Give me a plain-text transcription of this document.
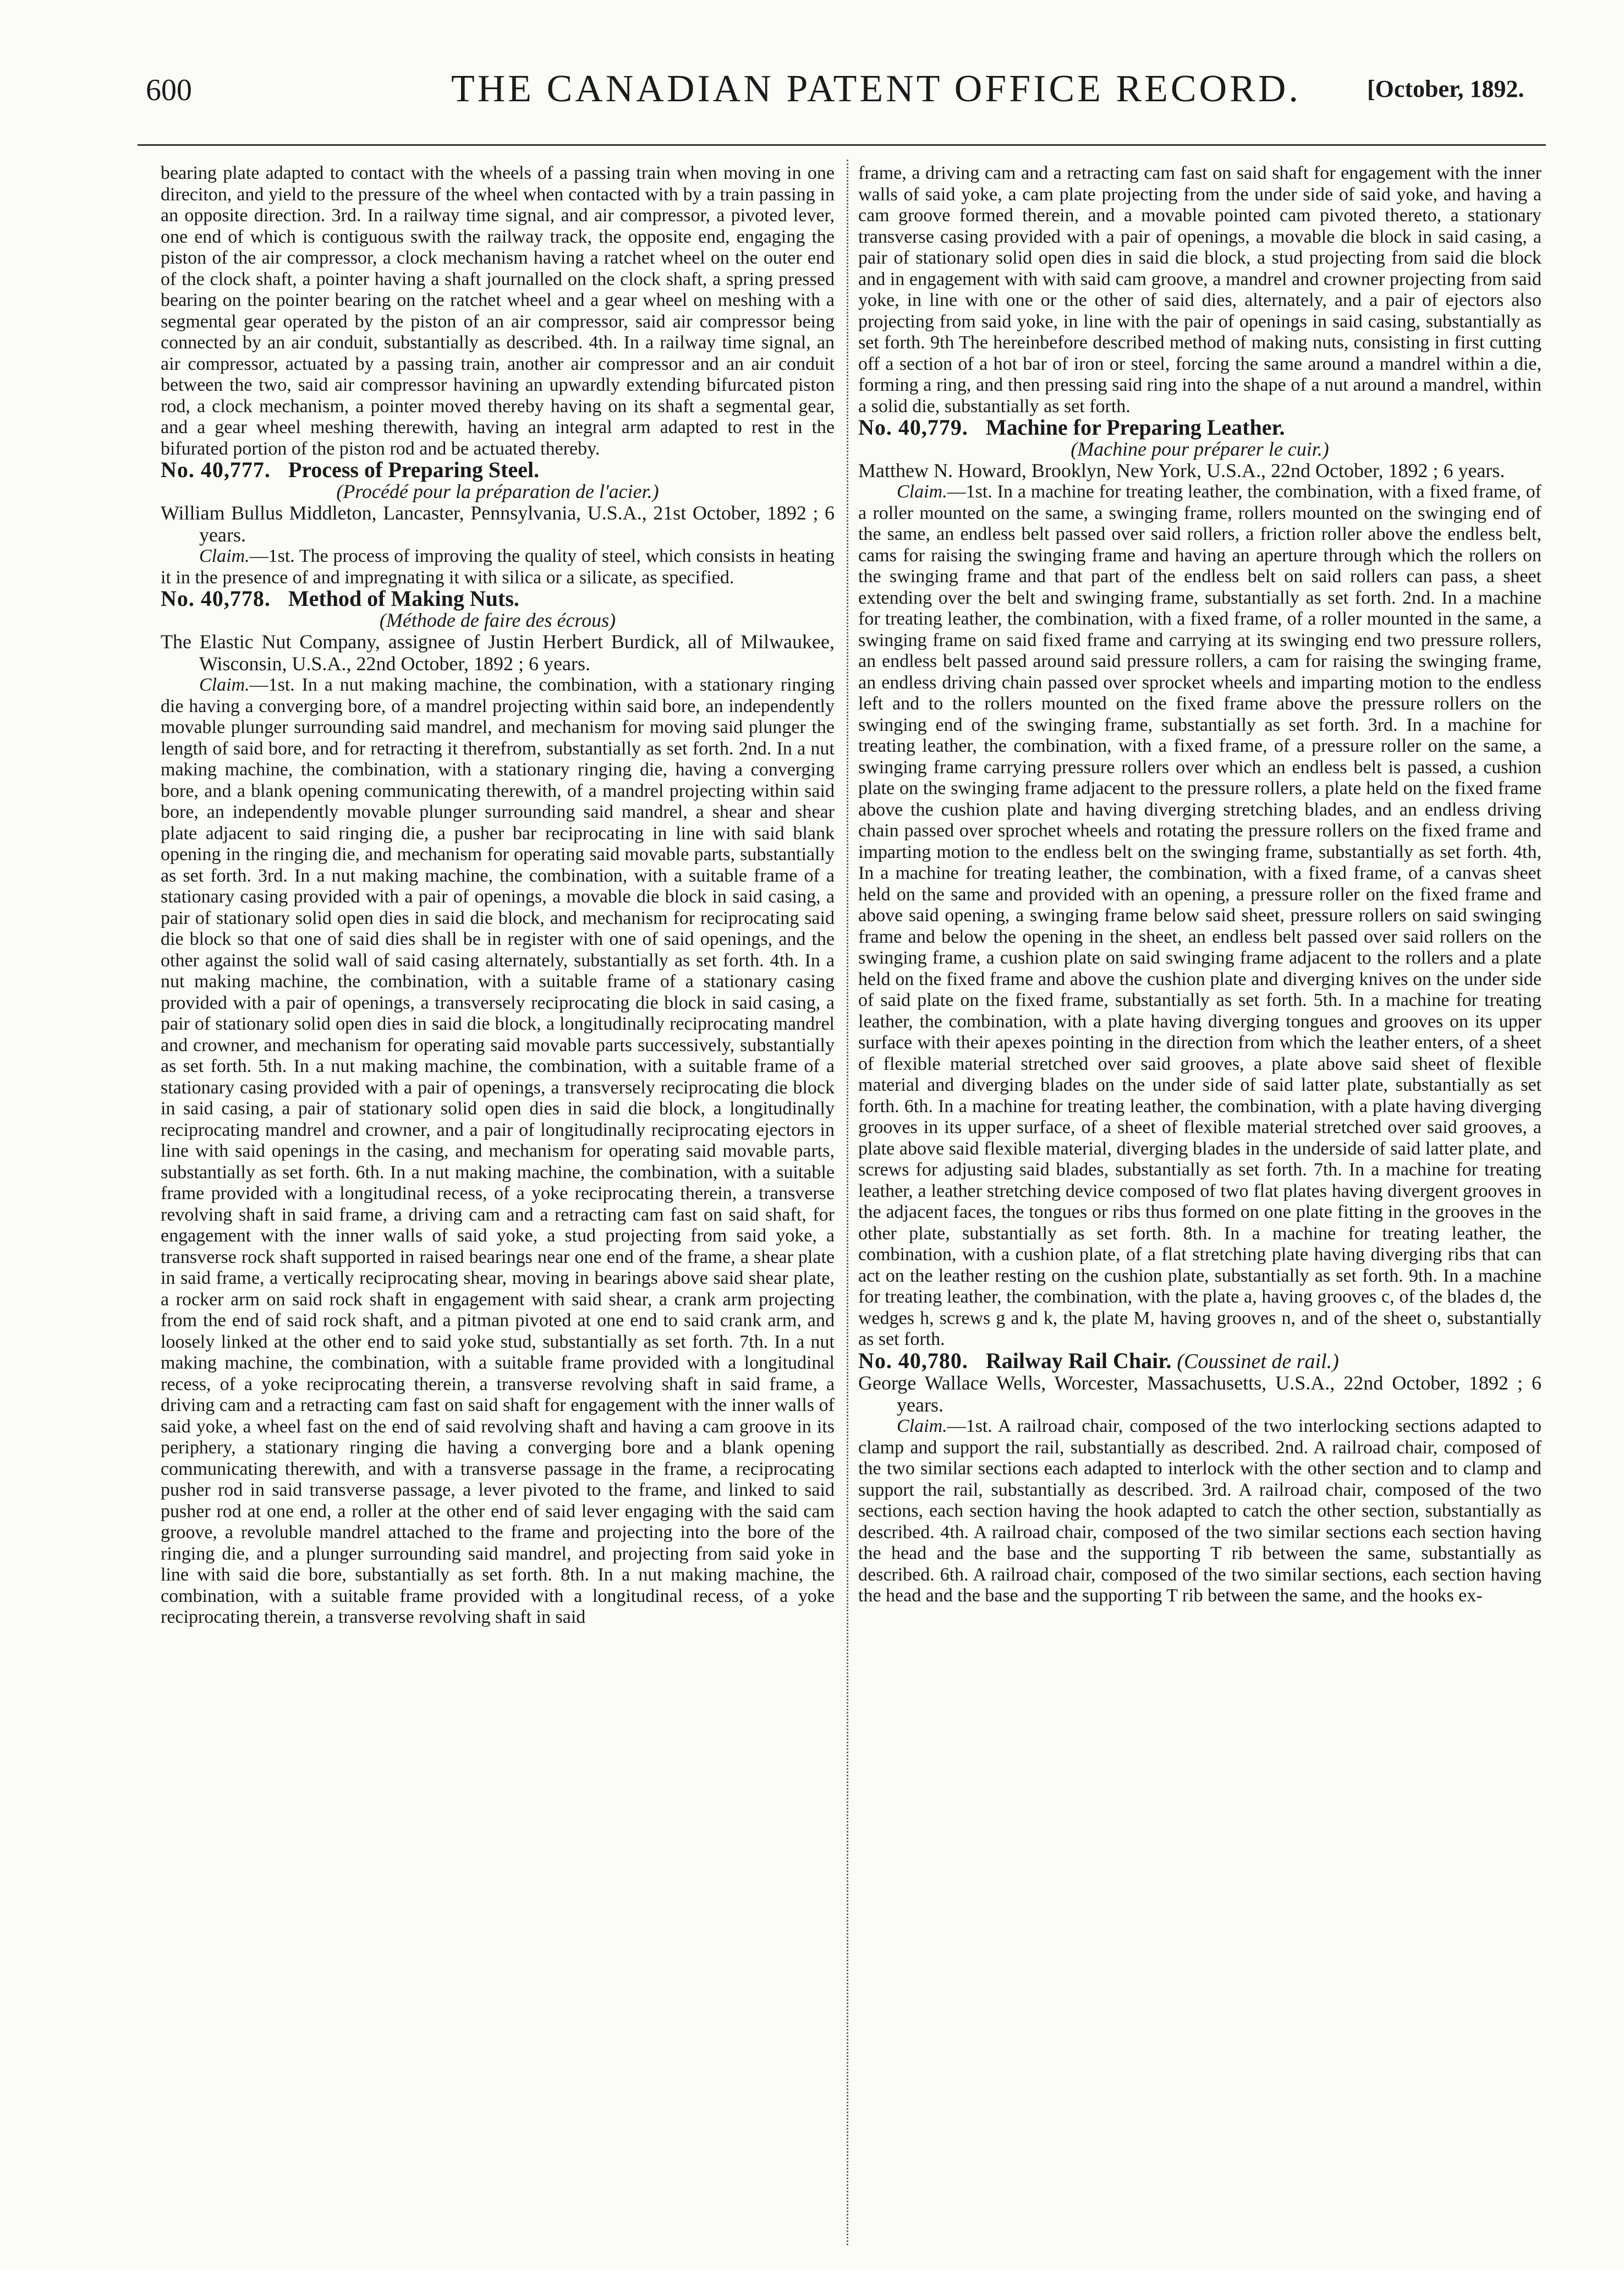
600	THE CANADIAN PATENT OFFICE RECORD.	[October, 1892.

bearing plate adapted to contact with the wheels of a passing train when moving in one direciton, and yield to the pressure of the wheel when contacted with by a train passing in an opposite direction. 3rd. In a railway time signal, and air compressor, a pivoted lever, one end of which is contiguous swith the railway track, the opposite end, engaging the piston of the air compressor, a clock mechanism having a ratchet wheel on the outer end of the clock shaft, a pointer having a shaft journalled on the clock shaft, a spring pressed bearing on the pointer bearing on the ratchet wheel and a gear wheel on meshing with a segmental gear operated by the piston of an air compressor, said air compressor being connected by an air conduit, substantially as described. 4th. In a railway time signal, an air compressor, actuated by a passing train, another air compressor and an air conduit between the two, said air compressor havining an upwardly extending bifurcated piston rod, a clock mechanism, a pointer moved thereby having on its shaft a segmental gear, and a gear wheel meshing therewith, having an integral arm adapted to rest in the bifurated portion of the piston rod and be actuated thereby.

No. 40,777. Process of Preparing Steel.

(Procédé pour la préparation de l'acier.)

William Bullus Middleton, Lancaster, Pennsylvania, U.S.A., 21st October, 1892 ; 6 years.

Claim.—1st. The process of improving the quality of steel, which consists in heating it in the presence of and impregnating it with silica or a silicate, as specified.

No. 40,778. Method of Making Nuts.

(Méthode de faire des écrous)

The Elastic Nut Company, assignee of Justin Herbert Burdick, all of Milwaukee, Wisconsin, U.S.A., 22nd October, 1892 ; 6 years.

Claim.—1st. In a nut making machine, the combination, with a stationary ringing die having a converging bore, of a mandrel projecting within said bore, an independently movable plunger surrounding said mandrel, and mechanism for moving said plunger the length of said bore, and for retracting it therefrom, substantially as set forth. 2nd. In a nut making machine, the combination, with a stationary ringing die, having a converging bore, and a blank opening communicating therewith, of a mandrel projecting within said bore, an independently movable plunger surrounding said mandrel, a shear and shear plate adjacent to said ringing die, a pusher bar reciprocating in line with said blank opening in the ringing die, and mechanism for operating said movable parts, substantially as set forth. 3rd. In a nut making machine, the combination, with a suitable frame of a stationary casing provided with a pair of openings, a movable die block in said casing, a pair of stationary solid open dies in said die block, and mechanism for reciprocating said die block so that one of said dies shall be in register with one of said openings, and the other against the solid wall of said casing alternately, substantially as set forth. 4th. In a nut making machine, the combination, with a suitable frame of a stationary casing provided with a pair of openings, a transversely reciprocating die block in said casing, a pair of stationary solid open dies in said die block, a longitudinally reciprocating mandrel and crowner, and mechanism for operating said movable parts successively, substantially as set forth. 5th. In a nut making machine, the combination, with a suitable frame of a stationary casing provided with a pair of openings, a transversely reciprocating die block in said casing, a pair of stationary solid open dies in said die block, a longitudinally reciprocating mandrel and crowner, and a pair of longitudinally reciprocating ejectors in line with said openings in the casing, and mechanism for operating said movable parts, substantially as set forth. 6th. In a nut making machine, the combination, with a suitable frame provided with a longitudinal recess, of a yoke reciprocating therein, a transverse revolving shaft in said frame, a driving cam and a retracting cam fast on said shaft, for engagement with the inner walls of said yoke, a stud projecting from said yoke, a transverse rock shaft supported in raised bearings near one end of the frame, a shear plate in said frame, a vertically reciprocating shear, moving in bearings above said shear plate, a rocker arm on said rock shaft in engagement with said shear, a crank arm projecting from the end of said rock shaft, and a pitman pivoted at one end to said crank arm, and loosely linked at the other end to said yoke stud, substantially as set forth. 7th. In a nut making machine, the combination, with a suitable frame provided with a longitudinal recess, of a yoke reciprocating therein, a transverse revolving shaft in said frame, a driving cam and a retracting cam fast on said shaft for engagement with the inner walls of said yoke, a wheel fast on the end of said revolving shaft and having a cam groove in its periphery, a stationary ringing die having a converging bore and a blank opening communicating therewith, and with a transverse passage in the frame, a reciprocating pusher rod in said transverse passage, a lever pivoted to the frame, and linked to said pusher rod at one end, a roller at the other end of said lever engaging with the said cam groove, a revoluble mandrel attached to the frame and projecting into the bore of the ringing die, and a plunger surrounding said mandrel, and projecting from said yoke in line with said die bore, substantially as set forth. 8th. In a nut making machine, the combination, with a suitable frame provided with a longitudinal recess, of a yoke reciprocating therein, a transverse revolving shaft in said

frame, a driving cam and a retracting cam fast on said shaft for engagement with the inner walls of said yoke, a cam plate projecting from the under side of said yoke, and having a cam groove formed therein, and a movable pointed cam pivoted thereto, a stationary transverse casing provided with a pair of openings, a movable die block in said casing, a pair of stationary solid open dies in said die block, a stud projecting from said die block and in engagement with with said cam groove, a mandrel and crowner projecting from said yoke, in line with one or the other of said dies, alternately, and a pair of ejectors also projecting from said yoke, in line with the pair of openings in said casing, substantially as set forth. 9th The hereinbefore described method of making nuts, consisting in first cutting off a section of a hot bar of iron or steel, forcing the same around a mandrel within a die, forming a ring, and then pressing said ring into the shape of a nut around a mandrel, within a solid die, substantially as set forth.

No. 40,779. Machine for Preparing Leather.

(Machine pour préparer le cuir.)

Matthew N. Howard, Brooklyn, New York, U.S.A., 22nd October, 1892 ; 6 years.

Claim.—1st. In a machine for treating leather, the combination, with a fixed frame, of a roller mounted on the same, a swinging frame, rollers mounted on the swinging end of the same, an endless belt passed over said rollers, a friction roller above the endless belt, cams for raising the swinging frame and having an aperture through which the rollers on the swinging frame and that part of the endless belt on said rollers can pass, a sheet extending over the belt and swinging frame, substantially as set forth. 2nd. In a machine for treating leather, the combination, with a fixed frame, of a roller mounted in the same, a swinging frame on said fixed frame and carrying at its swinging end two pressure rollers, an endless belt passed around said pressure rollers, a cam for raising the swinging frame, an endless driving chain passed over sprocket wheels and imparting motion to the endless left and to the rollers mounted on the fixed frame above the pressure rollers on the swinging end of the swinging frame, substantially as set forth. 3rd. In a machine for treating leather, the combination, with a fixed frame, of a pressure roller on the same, a swinging frame carrying pressure rollers over which an endless belt is passed, a cushion plate on the swinging frame adjacent to the pressure rollers, a plate held on the fixed frame above the cushion plate and having diverging stretching blades, and an endless driving chain passed over sprochet wheels and rotating the pressure rollers on the fixed frame and imparting motion to the endless belt on the swinging frame, substantially as set forth. 4th, In a machine for treating leather, the combination, with a fixed frame, of a canvas sheet held on the same and provided with an opening, a pressure roller on the fixed frame and above said opening, a swinging frame below said sheet, pressure rollers on said swinging frame and below the opening in the sheet, an endless belt passed over said rollers on the swinging frame, a cushion plate on said swinging frame adjacent to the rollers and a plate held on the fixed frame and above the cushion plate and diverging knives on the under side of said plate on the fixed frame, substantially as set forth. 5th. In a machine for treating leather, the combination, with a plate having diverging tongues and grooves on its upper surface with their apexes pointing in the direction from which the leather enters, of a sheet of flexible material stretched over said grooves, a plate above said sheet of flexible material and diverging blades on the under side of said latter plate, substantially as set forth. 6th. In a machine for treating leather, the combination, with a plate having diverging grooves in its upper surface, of a sheet of flexible material stretched over said grooves, a plate above said flexible material, diverging blades in the underside of said latter plate, and screws for adjusting said blades, substantially as set forth. 7th. In a machine for treating leather, a leather stretching device composed of two flat plates having divergent grooves in the adjacent faces, the tongues or ribs thus formed on one plate fitting in the grooves in the other plate, substantially as set forth. 8th. In a machine for treating leather, the combination, with a cushion plate, of a flat stretching plate having diverging ribs that can act on the leather resting on the cushion plate, substantially as set forth. 9th. In a machine for treating leather, the combination, with the plate a, having grooves c, of the blades d, the wedges h, screws g and k, the plate M, having grooves n, and of the sheet o, substantially as set forth.

No. 40,780. Railway Rail Chair. (Coussinet de rail.)

George Wallace Wells, Worcester, Massachusetts, U.S.A., 22nd October, 1892 ; 6 years.

Claim.—1st. A railroad chair, composed of the two interlocking sections adapted to clamp and support the rail, substantially as described. 2nd. A railroad chair, composed of the two similar sections each adapted to interlock with the other section and to clamp and support the rail, substantially as described. 3rd. A railroad chair, composed of the two sections, each section having the hook adapted to catch the other section, substantially as described. 4th. A railroad chair, composed of the two similar sections each section having the head and the base and the supporting T rib between the same, substantially as described. 6th. A railroad chair, composed of the two similar sections, each section having the head and the base and the supporting T rib between the same, and the hooks ex-
